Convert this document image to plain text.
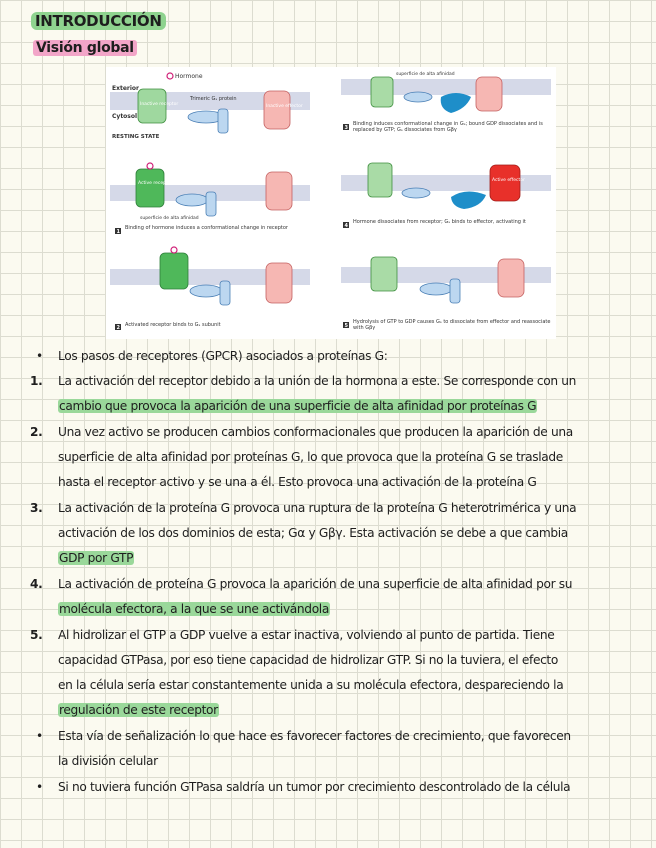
INTRODUCCIÓN
Visión global
Exterior
Cytosol
RESTING STATE
Hormone
Inactive receptor
Trimeric Gₛ protein
Inactive effector
superficie de alta afinidad
3
Binding induces conformational change in Gₛ; bound GDP dissociates and is replaced by GTP; Gₛ dissociates from Gβγ
Active receptor
superficie de alta afinidad
1
Binding of hormone induces a conformational change in receptor
Active effector
4
Hormone dissociates from receptor; Gₛ binds to effector, activating it
2 Activated receptor binds to Gₛ subunit	5
Hydrolysis of GTP to GDP causes Gₛ to dissociate from effector and reassociate with Gβγ
• Los pasos de receptores (GPCR) asociados a proteínas G:
1.	La activación del receptor debido a la unión de la hormona a este. Se corresponde con un
cambio que provoca la aparición de una superficie de alta afinidad por proteínas G
2.	Una vez activo se producen cambios conformacionales que producen la aparición de una
superficie de alta afinidad por proteínas G, lo que provoca que la proteína G se traslade
hasta el receptor activo y se una a él. Esto provoca una activación de la proteína G
3.	La activación de la proteína G provoca una ruptura de la proteína G heterotrimérica y una
activación de los dos dominios de esta; Gα y Gβγ. Esta activación se debe a que cambia
GDP por GTP
4.	La activación de proteína G provoca la aparición de una superficie de alta afinidad por su
molécula efectora, a la que se une activándola
5.	Al hidrolizar el GTP a GDP vuelve a estar inactiva, volviendo al punto de partida. Tiene
capacidad GTPasa, por eso tiene capacidad de hidrolizar GTP. Si no la tuviera, el efecto
en la célula sería estar constantemente unida a su molécula efectora, despareciendo la
regulación de este receptor
• Esta vía de señalización lo que hace es favorecer factores de crecimiento, que favorecen
la división celular
• Si no tuviera función GTPasa saldría un tumor por crecimiento descontrolado de la célula
